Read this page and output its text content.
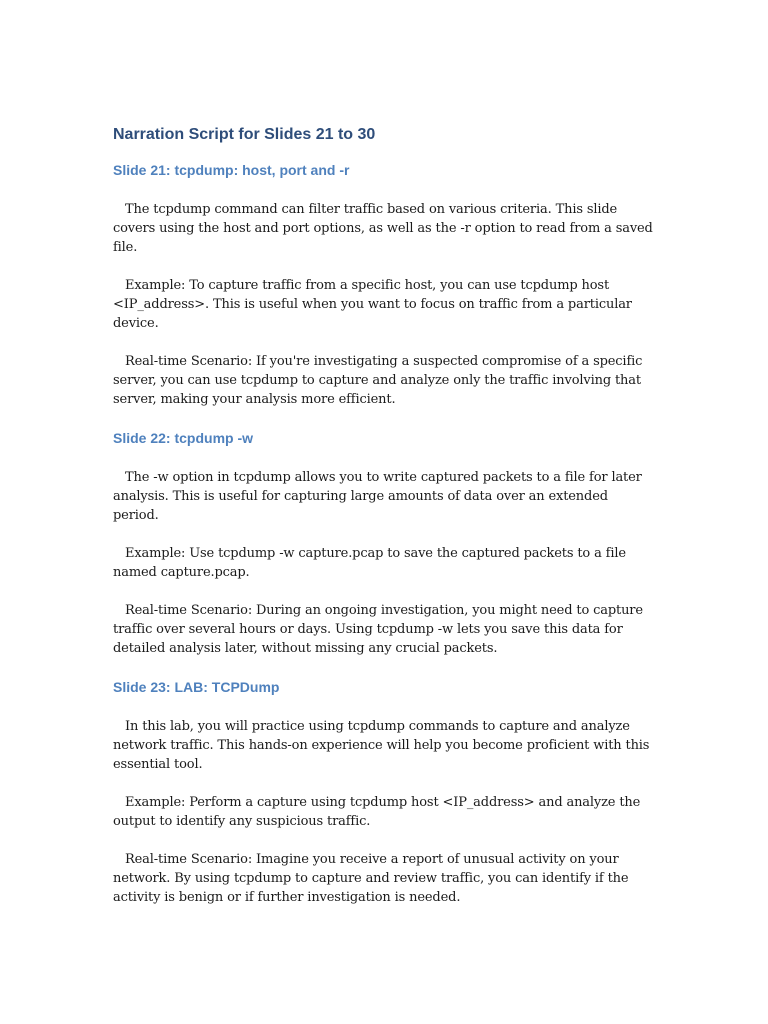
Narration Script for Slides 21 to 30
Slide 21: tcpdump: host, port and -r

The tcpdump command can filter traffic based on various criteria. This slide covers using the host and port options, as well as the -r option to read from a saved file.

Example: To capture traffic from a specific host, you can use tcpdump host <IP_address>. This is useful when you want to focus on traffic from a particular device.

Real-time Scenario: If you're investigating a suspected compromise of a specific server, you can use tcpdump to capture and analyze only the traffic involving that server, making your analysis more efficient.

Slide 22: tcpdump -w

The -w option in tcpdump allows you to write captured packets to a file for later analysis. This is useful for capturing large amounts of data over an extended period.

Example: Use tcpdump -w capture.pcap to save the captured packets to a file named capture.pcap.

Real-time Scenario: During an ongoing investigation, you might need to capture traffic over several hours or days. Using tcpdump -w lets you save this data for detailed analysis later, without missing any crucial packets.

Slide 23: LAB: TCPDump

In this lab, you will practice using tcpdump commands to capture and analyze network traffic. This hands-on experience will help you become proficient with this essential tool.

Example: Perform a capture using tcpdump host <IP_address> and analyze the output to identify any suspicious traffic.

Real-time Scenario: Imagine you receive a report of unusual activity on your network. By using tcpdump to capture and review traffic, you can identify if the activity is benign or if further investigation is needed.
